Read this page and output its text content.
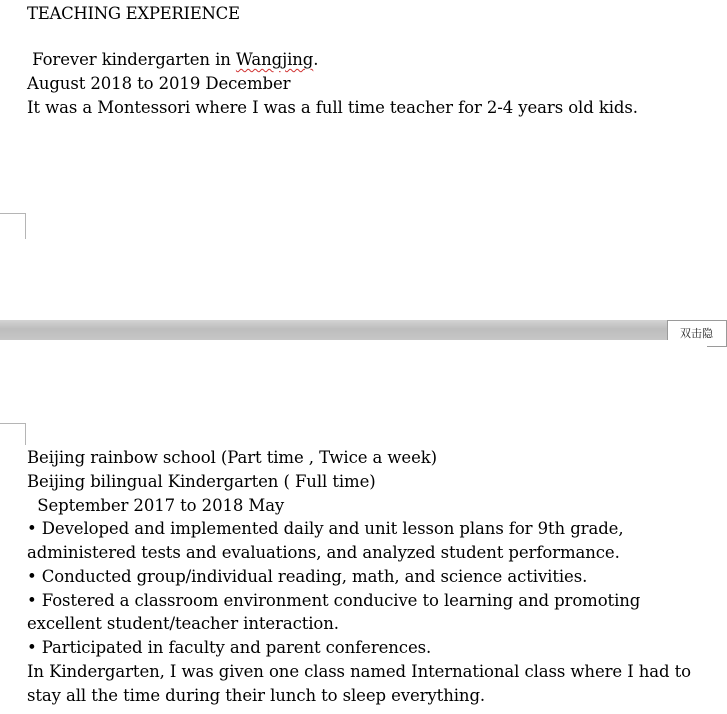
TEACHING EXPERIENCE
Forever kindergarten in Wangjing.
August 2018 to 2019 December
It was a Montessori where I was a full time teacher for 2-4 years old kids.
双击隐
Beijing rainbow school (Part time , Twice a week)
Beijing bilingual Kindergarten ( Full time)
September 2017 to 2018 May
• Developed and implemented daily and unit lesson plans for 9th grade,
administered tests and evaluations, and analyzed student performance.
• Conducted group/individual reading, math, and science activities.
• Fostered a classroom environment conducive to learning and promoting
excellent student/teacher interaction.
• Participated in faculty and parent conferences.
In Kindergarten, I was given one class named International class where I had to
stay all the time during their lunch to sleep everything.
